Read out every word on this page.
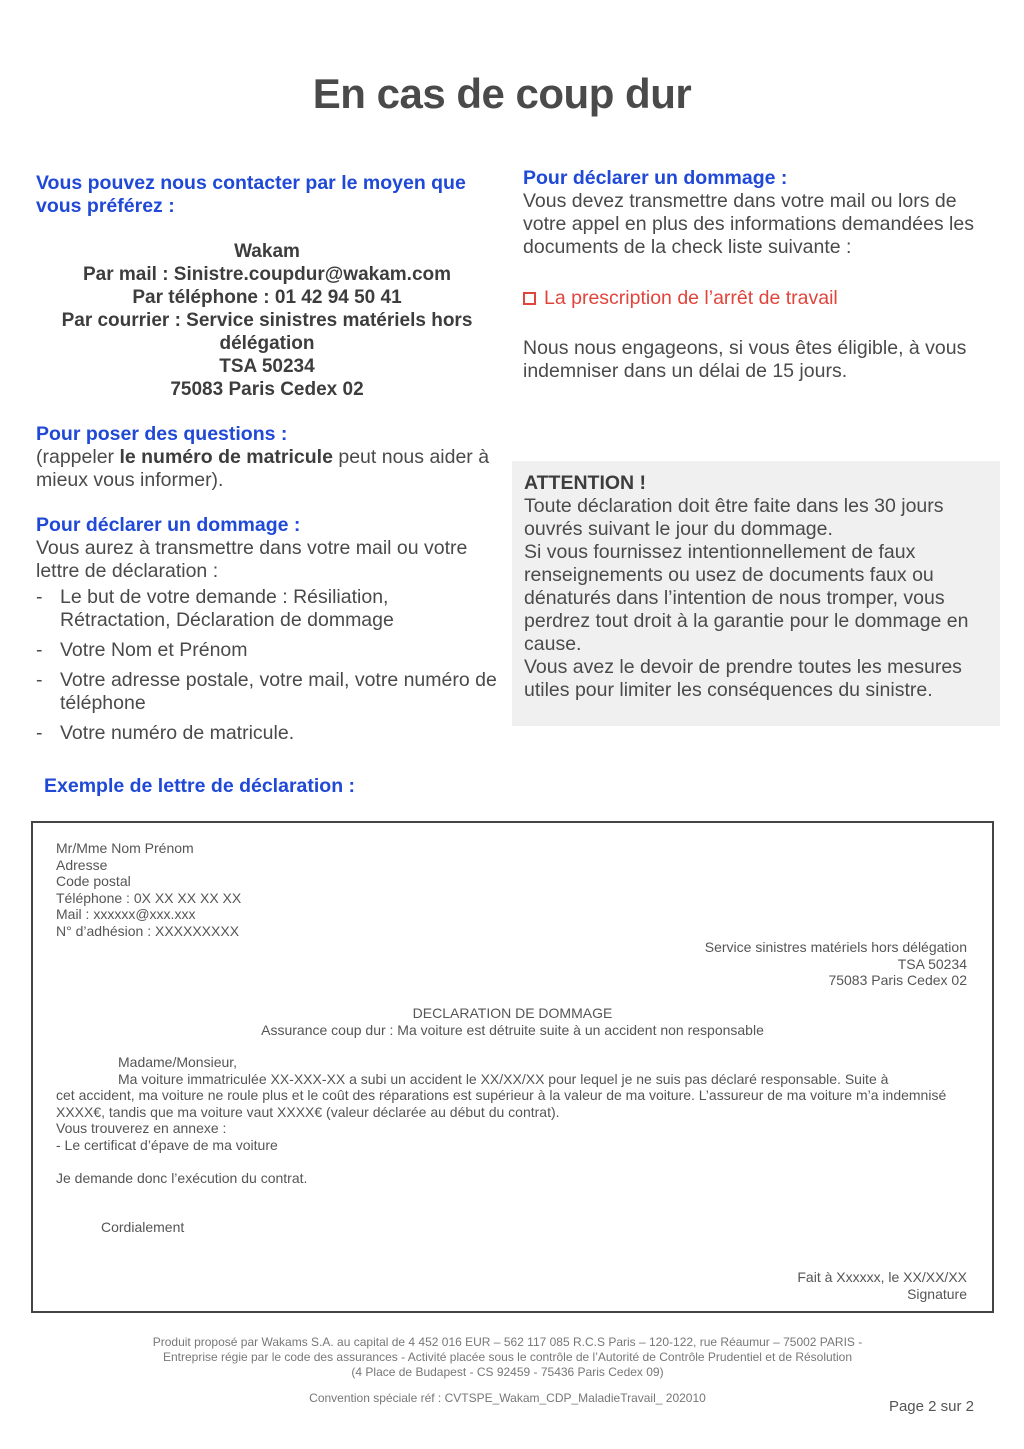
En cas de coup dur
Vous pouvez nous contacter par le moyen que vous préférez :
Wakam
Par mail : Sinistre.coupdur@wakam.com
Par téléphone : 01 42 94 50 41
Par courrier : Service sinistres matériels hors délégation
TSA 50234
75083 Paris Cedex 02
Pour poser des questions :
(rappeler le numéro de matricule peut nous aider à mieux vous informer).
Pour déclarer un dommage :
Vous aurez à transmettre dans votre mail ou votre lettre de déclaration :
- Le but de votre demande : Résiliation, Rétractation, Déclaration de dommage
- Votre Nom et Prénom
- Votre adresse postale, votre mail, votre numéro de téléphone
- Votre numéro de matricule.
Pour déclarer un dommage :
Vous devez transmettre dans votre mail ou lors de votre appel en plus des informations demandées les documents de la check liste suivante :
La prescription de l’arrêt de travail
Nous nous engageons, si vous êtes éligible, à vous indemniser dans un délai de 15 jours.
ATTENTION !
Toute déclaration doit être faite dans les 30 jours ouvrés suivant le jour du dommage.
Si vous fournissez intentionnellement de faux renseignements ou usez de documents faux ou dénaturés dans l’intention de nous tromper, vous perdrez tout droit à la garantie pour le dommage en cause.
Vous avez le devoir de prendre toutes les mesures utiles pour limiter les conséquences du sinistre.
Exemple de lettre de déclaration :
Mr/Mme Nom Prénom
Adresse
Code postal
Téléphone : 0X XX XX XX XX
Mail : xxxxxx@xxx.xxx
N° d’adhésion : XXXXXXXXX
Service sinistres matériels hors délégation
TSA 50234
75083 Paris Cedex 02
DECLARATION DE DOMMAGE
Assurance coup dur : Ma voiture est détruite suite à un accident non responsable
Madame/Monsieur,
Ma voiture immatriculée XX-XXX-XX a subi un accident le XX/XX/XX pour lequel je ne suis pas déclaré responsable. Suite à
cet accident, ma voiture ne roule plus et le coût des réparations est supérieur à la valeur de ma voiture. L’assureur de ma voiture m’a indemnisé XXXX€, tandis que ma voiture vaut XXXX€ (valeur déclarée au début du contrat).
Vous trouverez en annexe :
- Le certificat d’épave de ma voiture
Je demande donc l’exécution du contrat.
Cordialement
Fait à Xxxxxx, le XX/XX/XX
Signature
Produit proposé par Wakams S.A. au capital de 4 452 016 EUR – 562 117 085 R.C.S Paris – 120-122, rue Réaumur – 75002 PARIS -
Entreprise régie par le code des assurances - Activité placée sous le contrôle de l’Autorité de Contrôle Prudentiel et de Résolution
(4 Place de Budapest - CS 92459 - 75436 Paris Cedex 09)
Convention spéciale réf : CVTSPE_Wakam_CDP_MaladieTravail_ 202010	Page 2 sur 2
